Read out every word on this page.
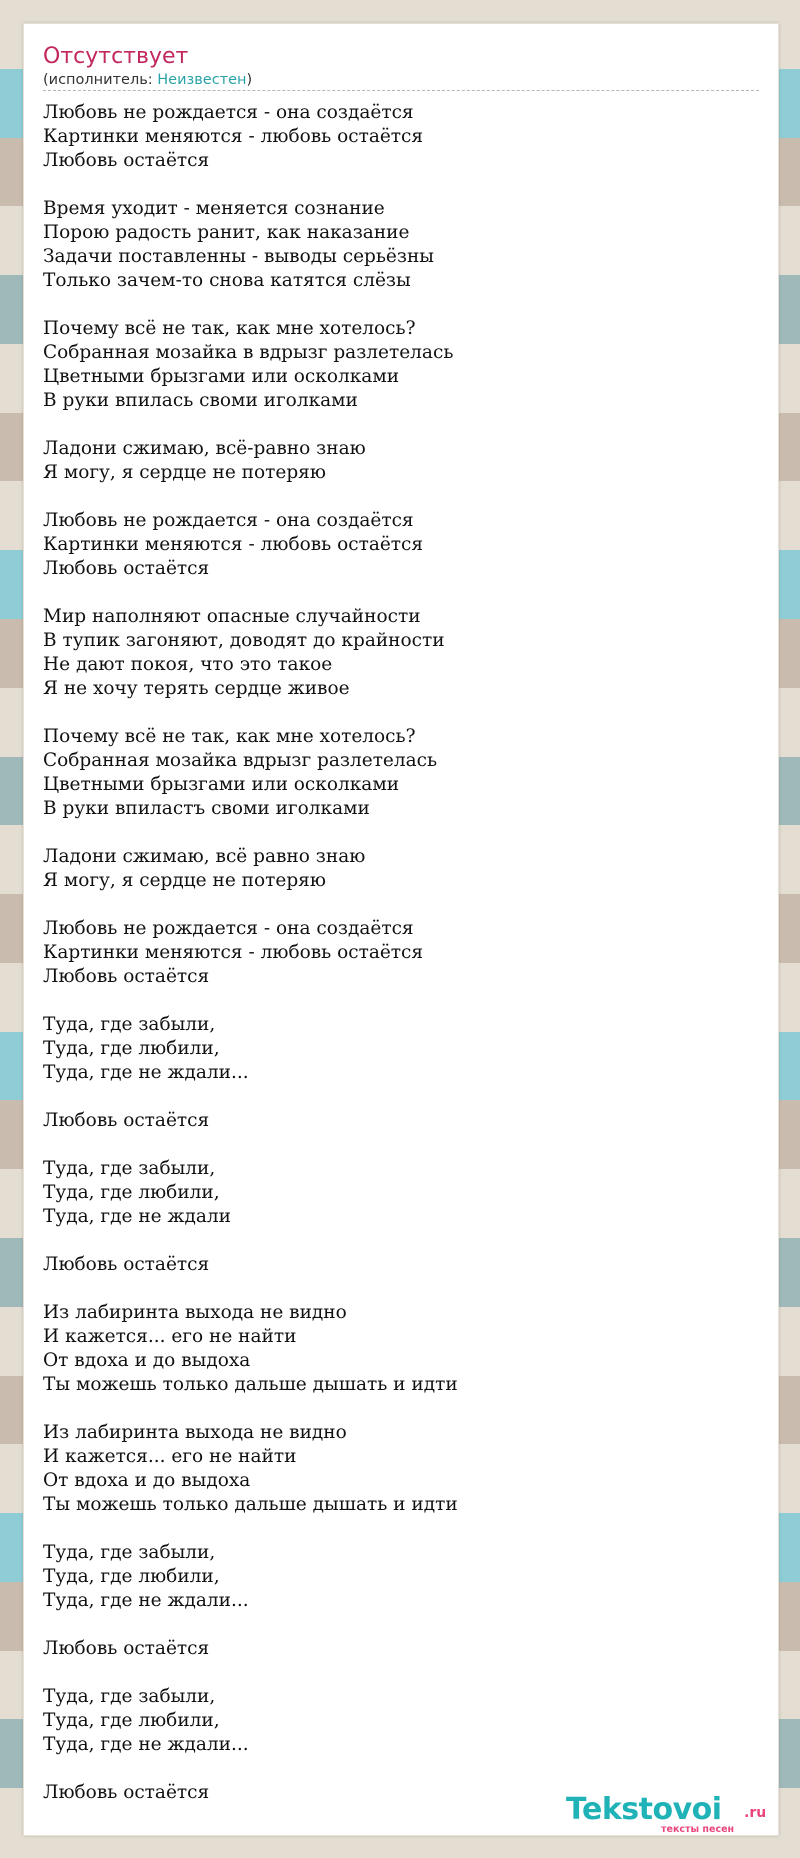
Отсутствует
(исполнитель: Неизвестен)
Любовь не рождается - она создаётся
Картинки меняются - любовь остаётся
Любовь остаётся
Время уходит - меняется сознание
Порою радость ранит, как наказание
Задачи поставленны - выводы серьёзны
Только зачем-то снова катятся слёзы
Почему всё не так, как мне хотелось?
Собранная мозайка в вдрызг разлетелась
Цветными брызгами или осколками
В руки впилась своми иголками
Ладони сжимаю, всё-равно знаю
Я могу, я сердце не потеряю
Любовь не рождается - она создаётся
Картинки меняются - любовь остаётся
Любовь остаётся
Мир наполняют опасные случайности
В тупик загоняют, доводят до крайности
Не дают покоя, что это такое
Я не хочу терять сердце живое
Почему всё не так, как мне хотелось?
Собранная мозайка вдрызг разлетелась
Цветными брызгами или осколками
В руки впиластъ свoми иголками
Ладони сжимаю, всё равно знаю
Я могу, я сердце не потеряю
Любовь не рождается - она создаётся
Картинки меняются - любовь остаётся
Любовь остаётся
Туда, где забыли,
Туда, где любили,
Туда, где не ждали...
Любовь остаётся
Туда, где забыли,
Туда, где любили,
Туда, где не ждали
Любовь остаётся
Из лабиринта выхода не видно
И кажется... его не найти
От вдоха и до выдоха
Ты можешь только дальше дышать и идти
Из лабиринта выхода не видно
И кажется... его не найти
От вдоха и до выдоха
Ты можешь только дальше дышать и идти
Туда, где забыли,
Туда, где любили,
Туда, где не ждали...
Любовь остаётся
Туда, где забыли,
Туда, где любили,
Туда, где не ждали...
Любовь остаётся	Tekstovoi .ru
тексты песен
